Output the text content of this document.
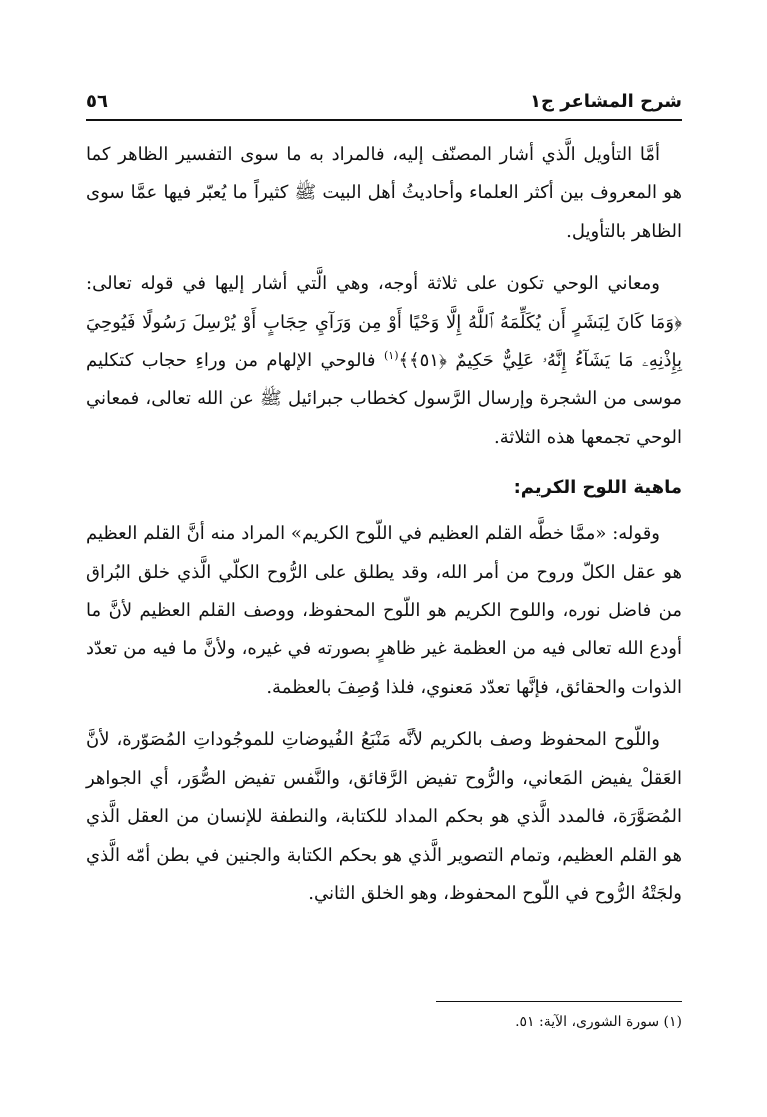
٥٦	شرح المشاعر ج١

أمَّا التأويل الَّذي أشار المصنّف إليه، فالمراد به ما سوى التفسير الظاهر كما هو المعروف بين أكثر العلماء وأحاديثُ أهل البيت ﷺ كثيراً ما يُعبّر فيها عمَّا سوى الظاهر بالتأويل.

ومعاني الوحي تكون على ثلاثة أوجه، وهي الَّتي أشار إليها في قوله تعالى: ﴿وَمَا كَانَ لِبَشَرٍ أَن يُكَلِّمَهُ ٱللَّهُ إِلَّا وَحْيًا أَوْ مِن وَرَآيِ حِجَابٍ أَوْ يُرْسِلَ رَسُولًا فَيُوحِيَ بِإِذْنِهِۦ مَا يَشَآءُ إِنَّهُۥ عَلِيٌّ حَكِيمٌ ﴿٥١﴾﴾$^{(١)}$ فالوحي الإلهام من وراءِ حجاب كتكليم موسى من الشجرة وإرسال الرَّسول كخطاب جبرائيل ﷺ عن الله تعالى، فمعاني الوحي تجمعها هذه الثلاثة.

ماهية اللوح الكريم:

وقوله: «ممَّا خطَّه القلم العظيم في اللّوح الكريم» المراد منه أنَّ القلم العظيم هو عقل الكلّ وروح من أمر الله، وقد يطلق على الرُّوح الكلّي الَّذي خلق البُراق من فاضل نوره، واللوح الكريم هو اللّوح المحفوظ، ووصف القلم العظيم لأنَّ ما أودع الله تعالى فيه من العظمة غير ظاهرٍ بصورته في غيره، ولأنَّ ما فيه من تعدّد الذوات والحقائق، فإنَّها تعدّد مَعنوي، فلذا وُصِفَ بالعظمة.

واللّوح المحفوظ وصف بالكريم لأنَّه مَنْبَعُ الفُيوضاتِ للموجُوداتِ المُصَوّرة، لأنَّ العَقلْ يفيض المَعاني، والرُّوح تفيض الرَّقائق، والنَّفس تفيض الصُّوَر، أي الجواهر المُصَوَّرَة، فالمدد الَّذي هو بحكم المداد للكتابة، والنطفة للإنسان من العقل الَّذي هو القلم العظيم، وتمام التصوير الَّذي هو بحكم الكتابة والجنين في بطن أمّه الَّذي ولجَتْهُ الرُّوح في اللّوح المحفوظ، وهو الخلق الثاني.

(١) سورة الشورى، الآية: ٥١.
